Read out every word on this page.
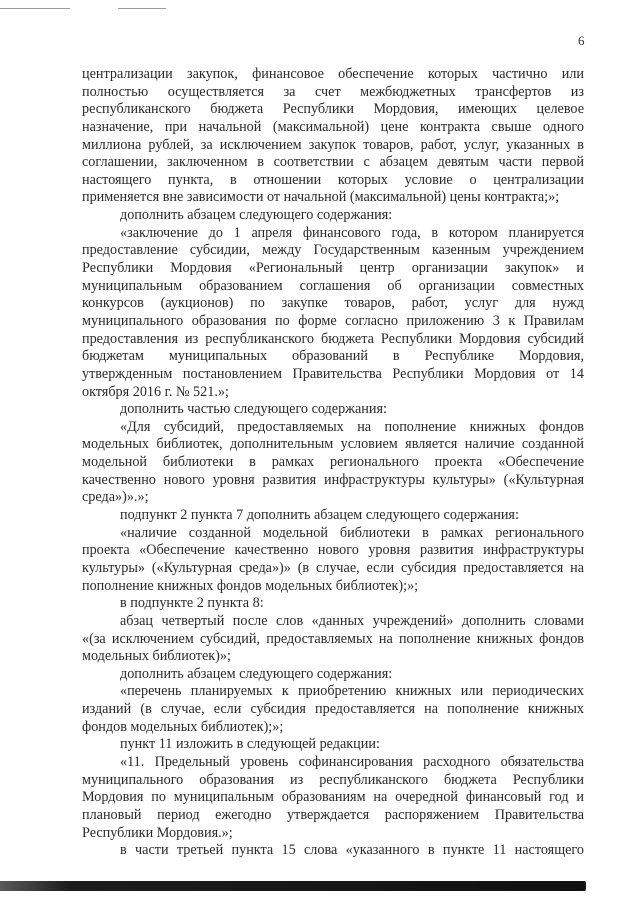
6
централизации закупок, финансовое обеспечение которых частично или
полностью осуществляется за счет межбюджетных трансфертов из
республиканского бюджета Республики Мордовия, имеющих целевое
назначение, при начальной (максимальной) цене контракта свыше одного
миллиона рублей, за исключением закупок товаров, работ, услуг, указанных в
соглашении, заключенном в соответствии с абзацем девятым части первой
настоящего пункта, в отношении которых условие о централизации
применяется вне зависимости от начальной (максимальной) цены контракта;»;
дополнить абзацем следующего содержания:
«заключение до 1 апреля финансового года, в котором планируется
предоставление субсидии, между Государственным казенным учреждением
Республики Мордовия «Региональный центр организации закупок» и
муниципальным образованием соглашения об организации совместных
конкурсов (аукционов) по закупке товаров, работ, услуг для нужд
муниципального образования по форме согласно приложению 3 к Правилам
предоставления из республиканского бюджета Республики Мордовия субсидий
бюджетам муниципальных образований в Республике Мордовия,
утвержденным постановлением Правительства Республики Мордовия от 14
октября 2016 г. № 521.»;
дополнить частью следующего содержания:
«Для субсидий, предоставляемых на пополнение книжных фондов
модельных библиотек, дополнительным условием является наличие созданной
модельной библиотеки в рамках регионального проекта «Обеспечение
качественно нового уровня развития инфраструктуры культуры» («Культурная
среда»)».»;
подпункт 2 пункта 7 дополнить абзацем следующего содержания:
«наличие созданной модельной библиотеки в рамках регионального
проекта «Обеспечение качественно нового уровня развития инфраструктуры
культуры» («Культурная среда»)» (в случае, если субсидия предоставляется на
пополнение книжных фондов модельных библиотек);»;
в подпункте 2 пункта 8:
абзац четвертый после слов «данных учреждений» дополнить словами
«(за исключением субсидий, предоставляемых на пополнение книжных фондов
модельных библиотек)»;
дополнить абзацем следующего содержания:
«перечень планируемых к приобретению книжных или периодических
изданий (в случае, если субсидия предоставляется на пополнение книжных
фондов модельных библиотек);»;
пункт 11 изложить в следующей редакции:
«11. Предельный уровень софинансирования расходного обязательства
муниципального образования из республиканского бюджета Республики
Мордовия по муниципальным образованиям на очередной финансовый год и
плановый период ежегодно утверждается распоряжением Правительства
Республики Мордовия.»;
в части третьей пункта 15 слова «указанного в пункте 11 настоящего
